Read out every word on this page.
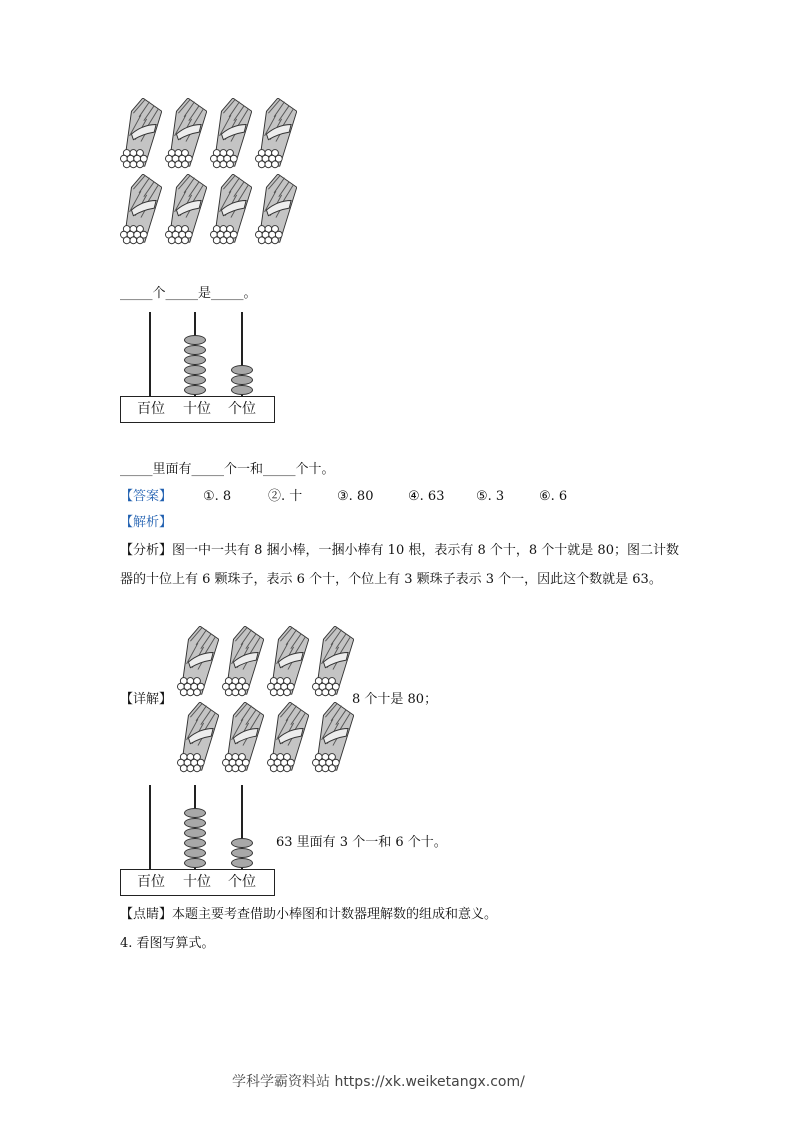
_____个_____是_____。
百位 十位 个位
_____里面有_____个一和_____个十。
【答案】 ①. 8	②. 十	③. 80	④. 63 ⑤. 3	⑥. 6
【解析】
【分析】图一中一共有 8 捆小棒，一捆小棒有 10 根，表示有 8 个十，8 个十就是 80；图二计数器的十位上有 6 颗珠子，表示 6 个十，个位上有 3 颗珠子表示 3 个一，因此这个数就是 63。
【详解】	8 个十是 80；
百位 十位 个位
63 里面有 3 个一和 6 个十。
【点睛】本题主要考查借助小棒图和计数器理解数的组成和意义。
4. 看图写算式。
学科学霸资料站 https://xk.weiketangx.com/
